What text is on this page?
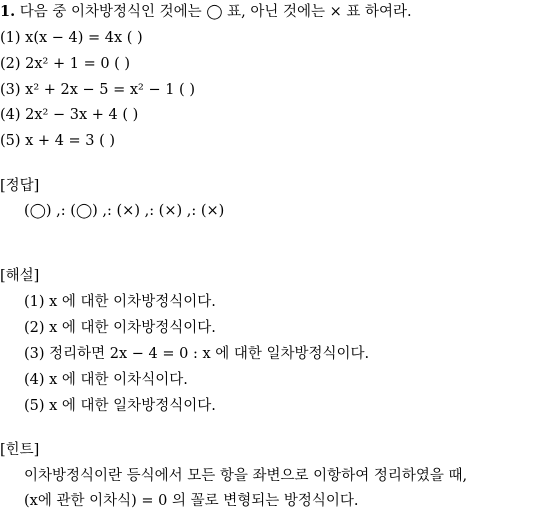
1. 다음 중 이차방정식인 것에는 ◯ 표, 아닌 것에는 × 표 하여라.
(1) x(x − 4) = 4x ( )
(2) 2x² + 1 = 0 ( )
(3) x² + 2x − 5 = x² − 1 ( )
(4) 2x² − 3x + 4 ( )
(5) x + 4 = 3 ( )
[정답]
(◯) ,: (◯) ,: (×) ,: (×) ,: (×)
[해설]
(1) x 에 대한 이차방정식이다.
(2) x 에 대한 이차방정식이다.
(3) 정리하면 2x − 4 = 0 : x 에 대한 일차방정식이다.
(4) x 에 대한 이차식이다.
(5) x 에 대한 일차방정식이다.
[힌트]
이차방정식이란 등식에서 모든 항을 좌변으로 이항하여 정리하였을 때,
(x에 관한 이차식) = 0 의 꼴로 변형되는 방정식이다.
